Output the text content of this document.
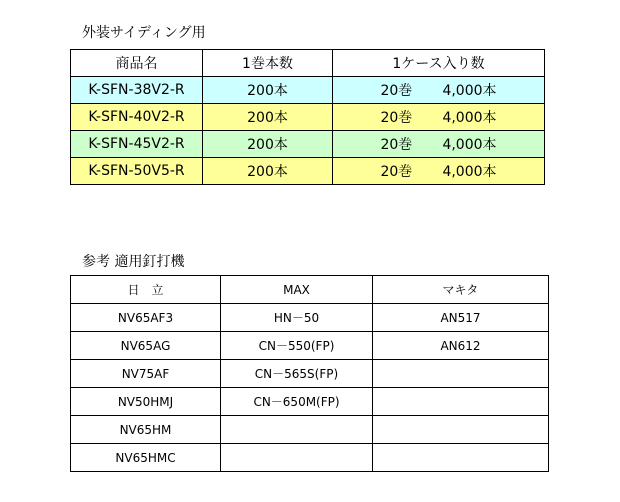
外装サイディング用
商品名	1巻本数	1ケース入り数
K-SFN-38V2-R	200本	20巻 4,000本
K-SFN-40V2-R	200本	20巻 4,000本
K-SFN-45V2-R	200本	20巻 4,000本
K-SFN-50V5-R	200本	20巻 4,000本
参考 適用釘打機
日　立	MAX	マキタ
NV65AF3	HN－50	AN517
NV65AG	CN－550(FP)	AN612
NV75AF	CN－565S(FP)	
NV50HMJ	CN－650M(FP)	
NV65HM		
NV65HMC		
